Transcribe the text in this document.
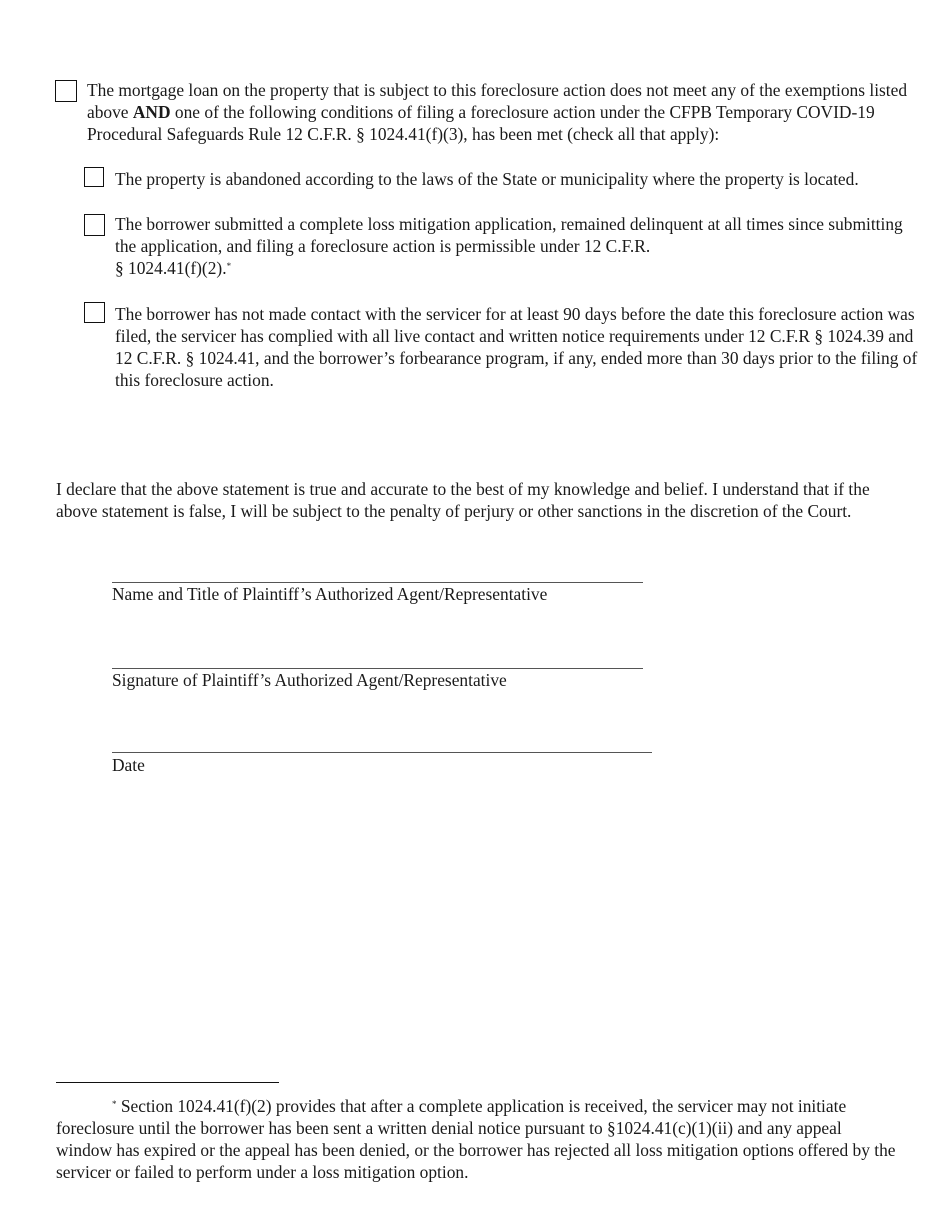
The mortgage loan on the property that is subject to this foreclosure action does not meet any of the exemptions listed above AND one of the following conditions of filing a foreclosure action under the CFPB Temporary COVID-19 Procedural Safeguards Rule 12 C.F.R. § 1024.41(f)(3), has been met (check all that apply):

The property is abandoned according to the laws of the State or municipality where the property is located.

The borrower submitted a complete loss mitigation application, remained delinquent at all times since submitting the application, and filing a foreclosure action is permissible under 12 C.F.R.
§ 1024.41(f)(2).*

The borrower has not made contact with the servicer for at least 90 days before the date this foreclosure action was filed, the servicer has complied with all live contact and written notice requirements under 12 C.F.R § 1024.39 and 12 C.F.R. § 1024.41, and the borrower’s forbearance program, if any, ended more than 30 days prior to the filing of this foreclosure action.

I declare that the above statement is true and accurate to the best of my knowledge and belief. I understand that if the above statement is false, I will be subject to the penalty of perjury or other sanctions in the discretion of the Court.

Name and Title of Plaintiff’s Authorized Agent/Representative

Signature of Plaintiff’s Authorized Agent/Representative

Date

* Section 1024.41(f)(2) provides that after a complete application is received, the servicer may not initiate foreclosure until the borrower has been sent a written denial notice pursuant to §1024.41(c)(1)(ii) and any appeal window has expired or the appeal has been denied, or the borrower has rejected all loss mitigation options offered by the servicer or failed to perform under a loss mitigation option.
